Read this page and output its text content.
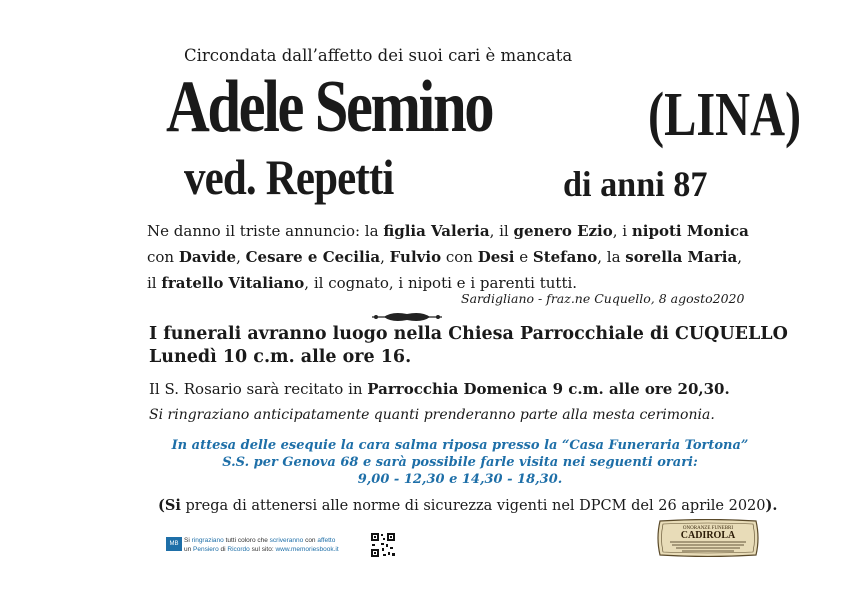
Circondata dall’affetto dei suoi cari è mancata
Adele Semino	(LINA)
ved. Repetti	di anni 87
Ne danno il triste annuncio: la figlia Valeria, il genero Ezio, i nipoti Monica
con Davide, Cesare e Cecilia, Fulvio con Desi e Stefano, la sorella Maria,
il fratello Vitaliano, il cognato, i nipoti e i parenti tutti.
Sardigliano - fraz.ne Cuquello, 8 agosto2020
I funerali avranno luogo nella Chiesa Parrocchiale di CUQUELLO
Lunedì 10 c.m. alle ore 16.
Il S. Rosario sarà recitato in Parrocchia Domenica 9 c.m. alle ore 20,30.
Si ringraziano anticipatamente quanti prenderanno parte alla mesta cerimonia.
In attesa delle esequie la cara salma riposa presso la “Casa Funeraria Tortona”
S.S. per Genova 68 e sarà possibile farle visita nei seguenti orari:
9,00 - 12,30 e 14,30 - 18,30.
(Si prega di attenersi alle norme di sicurezza vigenti nel DPCM del 26 aprile 2020).
MB Si ringraziano tutti coloro che scriveranno con affetto
un Pensiero di Ricordo sul sito: www.memoriesbook.it
ONORANZE FUNEBRI
CADIROLA
